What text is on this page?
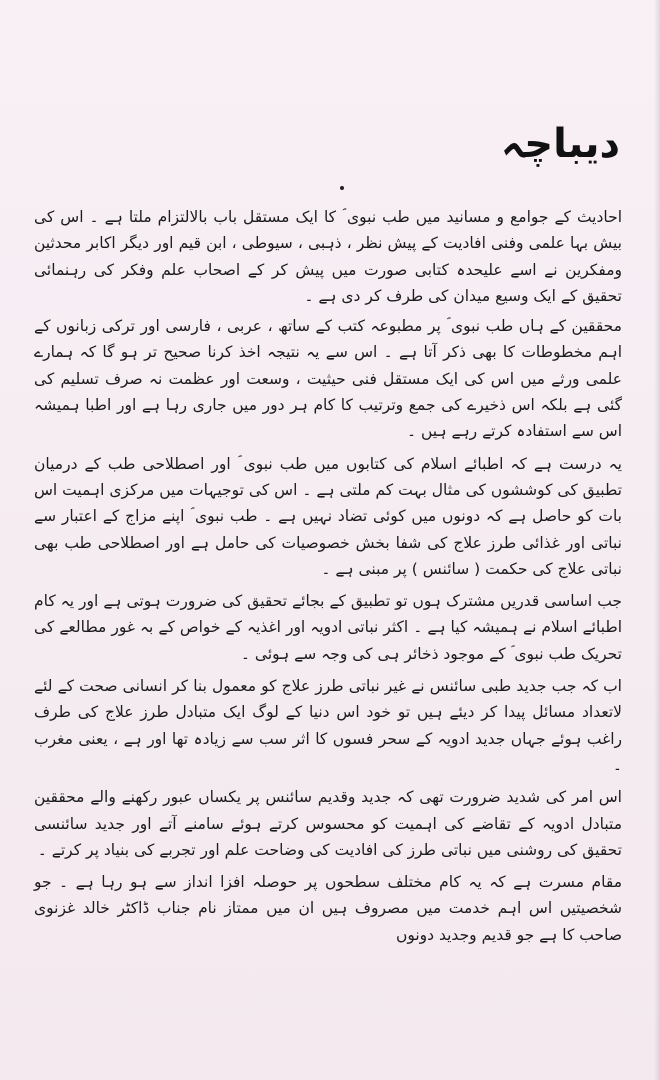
دیباچہ

احادیث کے جوامع و مسانید میں طب نبوی ؐ کا ایک مستقل باب بالالتزام ملتا ہے ۔ اس کی بیش بہا علمی وفنی افادیت کے پیش نظر ، ذہبی ، سیوطی ، ابن قیم اور دیگر اکابر محدثین ومفکرین نے اسے علیحدہ کتابی صورت میں پیش کر کے اصحاب علم وفکر کی رہنمائی تحقیق کے ایک وسیع میدان کی طرف کر دی ہے ۔

محققین کے ہاں طب نبوی ؐ پر مطبوعہ کتب کے ساتھ ، عربی ، فارسی اور ترکی زبانوں کے اہم مخطوطات کا بھی ذکر آتا ہے ۔ اس سے یہ نتیجہ اخذ کرنا صحیح تر ہو گا کہ ہمارے علمی ورثے میں اس کی ایک مستقل فنی حیثیت ، وسعت اور عظمت نہ صرف تسلیم کی گئی ہے بلکہ اس ذخیرے کی جمع وترتیب کا کام ہر دور میں جاری رہا ہے اور اطبا ہمیشہ اس سے استفادہ کرتے رہے ہیں ۔

یہ درست ہے کہ اطبائے اسلام کی کتابوں میں طب نبوی ؐ اور اصطلاحی طب کے درمیان تطبیق کی کوششوں کی مثال بہت کم ملتی ہے ۔ اس کی توجیہات میں مرکزی اہمیت اس بات کو حاصل ہے کہ دونوں میں کوئی تضاد نہیں ہے ۔ طب نبوی ؐ اپنے مزاج کے اعتبار سے نباتی اور غذائی طرز علاج کی شفا بخش خصوصیات کی حامل ہے اور اصطلاحی طب بھی نباتی علاج کی حکمت ( سائنس ) پر مبنی ہے ۔

جب اساسی قدریں مشترک ہوں تو تطبیق کے بجائے تحقیق کی ضرورت ہوتی ہے اور یہ کام اطبائے اسلام نے ہمیشہ کیا ہے ۔ اکثر نباتی ادویہ اور اغذیہ کے خواص کے بہ غور مطالعے کی تحریک طب نبوی ؐ کے موجود ذخائر ہی کی وجہ سے ہوئی ۔

اب کہ جب جدید طبی سائنس نے غیر نباتی طرز علاج کو معمول بنا کر انسانی صحت کے لئے لاتعداد مسائل پیدا کر دیئے ہیں تو خود اس دنیا کے لوگ ایک متبادل طرز علاج کی طرف راغب ہوئے جہاں جدید ادویہ کے سحر فسوں کا اثر سب سے زیادہ تھا اور ہے ، یعنی مغرب ۔

اس امر کی شدید ضرورت تھی کہ جدید وقدیم سائنس پر یکساں عبور رکھنے والے محققین متبادل ادویہ کے تقاضے کی اہمیت کو محسوس کرتے ہوئے سامنے آتے اور جدید سائنسی تحقیق کی روشنی میں نباتی طرز کی افادیت کی وضاحت علم اور تجربے کی بنیاد پر کرتے ۔

مقام مسرت ہے کہ یہ کام مختلف سطحوں پر حوصلہ افزا انداز سے ہو رہا ہے ۔ جو شخصیتیں اس اہم خدمت میں مصروف ہیں ان میں ممتاز نام جناب ڈاکٹر خالد غزنوی صاحب کا ہے جو قدیم وجدید دونوں
